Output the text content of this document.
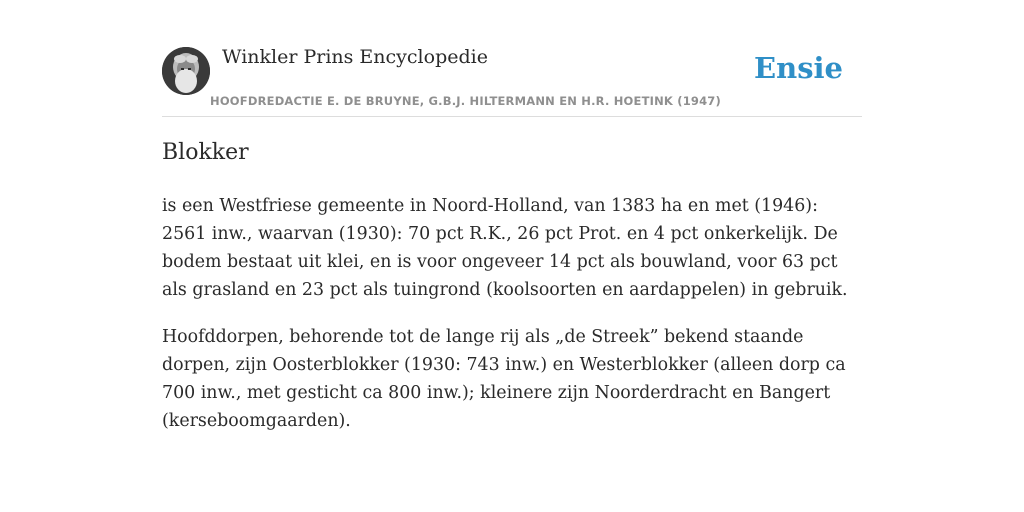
Winkler Prins Encyclopedie
HOOFDREDACTIE E. DE BRUYNE, G.B.J. HILTERMANN EN H.R. HOETINK (1947)
Ensie
Blokker

is een Westfriese gemeente in Noord-Holland, van 1383 ha en met (1946): 2561 inw., waarvan (1930): 70 pct R.K., 26 pct Prot. en 4 pct onkerkelijk. De bodem bestaat uit klei, en is voor ongeveer 14 pct als bouwland, voor 63 pct als grasland en 23 pct als tuingrond (koolsoorten en aardappelen) in gebruik.

Hoofddorpen, behorende tot de lange rij als „de Streek” bekend staande dorpen, zijn Oosterblokker (1930: 743 inw.) en Westerblokker (alleen dorp ca 700 inw., met gesticht ca 800 inw.); kleinere zijn Noorderdracht en Bangert (kerseboomgaarden).
